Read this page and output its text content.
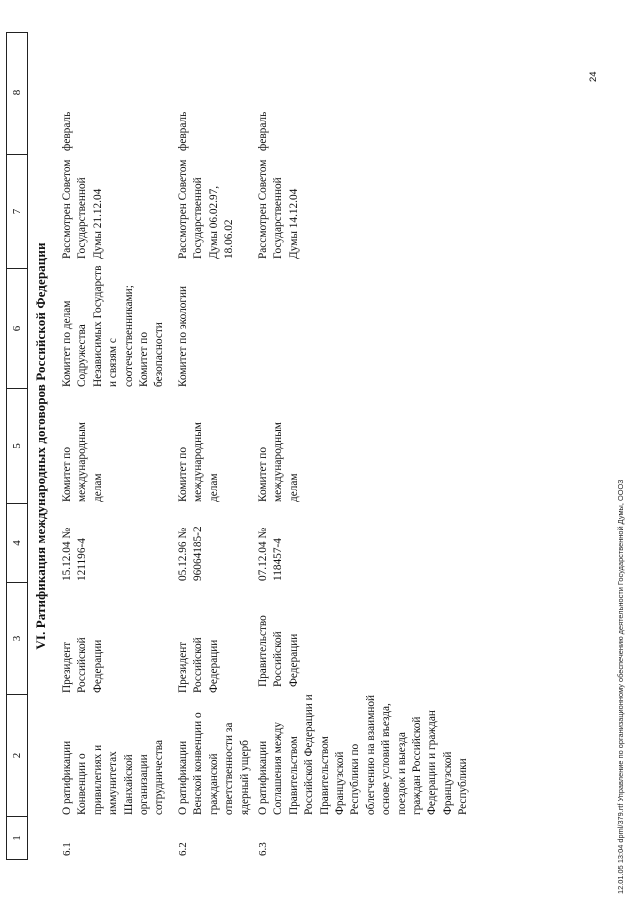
1
2
3
4
5
6
7
8
VI. Ратификация международных договоров Российской Федерации
6.1
О ратификации Конвенции о привилегиях и иммунитетах Шанхайской организации сотрудничества
Президент Российской Федерации
15.12.04 № 121196-4
Комитет по международным делам
Комитет по делам Содружества Независимых Государств и связям с соотечественниками; Комитет по безопасности
Рассмотрен Советом Государственной Думы 21.12.04
февраль
6.2
О ратификации Венской конвенции о гражданской ответственности за ядерный ущерб
Президент Российской Федерации
05.12.96 № 96064185-2
Комитет по международным делам
Комитет по экологии
Рассмотрен Советом Государственной Думы 06.02.97, 18.06.02
февраль
6.3
О ратификации Соглашения между Правительством Российской Федерации и Правительством Французской Республики по облегчению на взаимной основе условий въезда, поездок и выезда граждан Российской Федерации и граждан Французской Республики
Правительство Российской Федерации
07.12.04 № 118457-4
Комитет по международным делам
Рассмотрен Советом Государственной Думы 14.12.04
февраль
24
12.01.05 13:04 dpml/379.rtf Управление по организационному обеспечению деятельности Государственной Думы, ООО3
